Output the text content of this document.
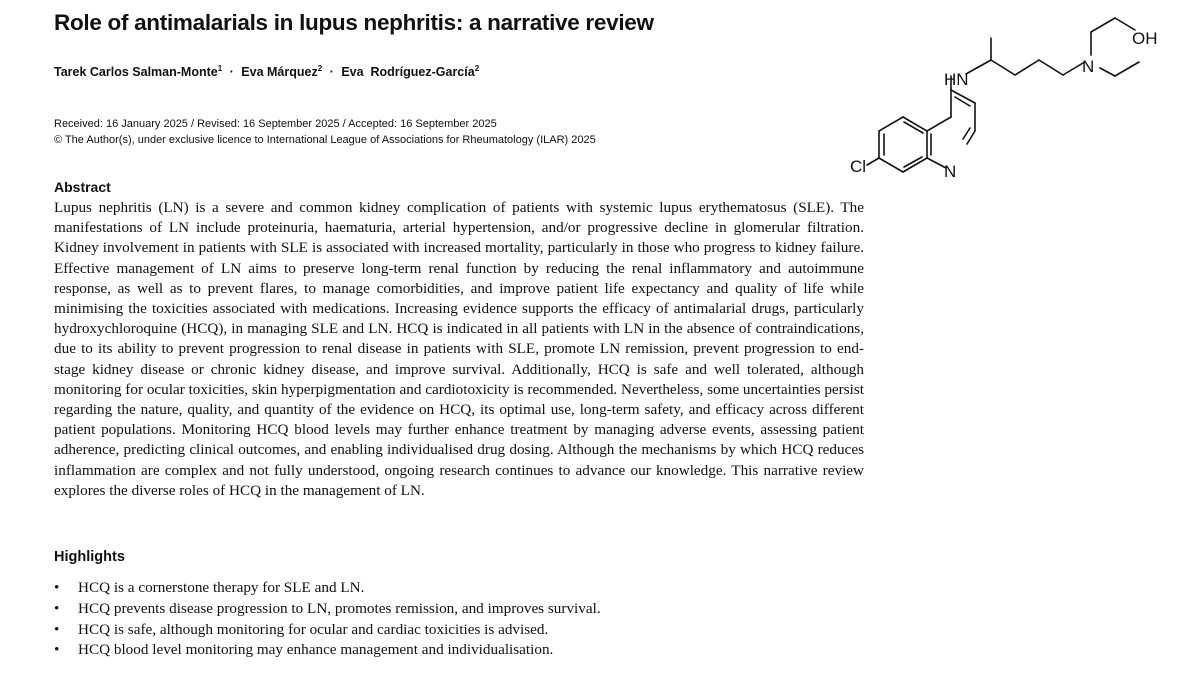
Role of antimalarials in lupus nephritis: a narrative review
Tarek Carlos Salman-Monte$^1$ · Eva Márquez$^2$ · Eva  Rodríguez-García$^2$
Received: 16 January 2025 / Revised: 16 September 2025 / Accepted: 16 September 2025
© The Author(s), under exclusive licence to International League of Associations for Rheumatology (ILAR) 2025
HN
N
OH
Cl	N
Abstract

Lupus nephritis (LN) is a severe and common kidney complication of patients with systemic lupus erythematosus (SLE). The manifestations of LN include proteinuria, haematuria, arterial hypertension, and/or progressive decline in glomerular filtration. Kidney involvement in patients with SLE is associated with increased mortality, particularly in those who progress to kidney failure. Effective management of LN aims to preserve long-term renal function by reducing the renal inflammatory and autoimmune response, as well as to prevent flares, to manage comorbidities, and improve patient life expectancy and quality of life while minimising the toxicities associated with medications. Increasing evidence supports the efficacy of antimalarial drugs, particularly hydroxychloroquine (HCQ), in managing SLE and LN. HCQ is indicated in all patients with LN in the absence of contraindications, due to its ability to prevent progression to renal disease in patients with SLE, promote LN remission, prevent progression to end-stage kidney disease or chronic kidney disease, and improve survival. Additionally, HCQ is safe and well tolerated, although monitoring for ocular toxicities, skin hyperpigmentation and cardiotoxicity is recommended. Nevertheless, some uncertainties persist regarding the nature, quality, and quantity of the evidence on HCQ, its optimal use, long-term safety, and efficacy across different patient populations. Monitoring HCQ blood levels may further enhance treatment by managing adverse events, assessing patient adherence, predicting clinical outcomes, and enabling individualised drug dosing. Although the mechanisms by which HCQ reduces inflammation are complex and not fully understood, ongoing research continues to advance our knowledge. This narrative review explores the diverse roles of HCQ in the management of LN.

Highlights
• HCQ is a cornerstone therapy for SLE and LN.
• HCQ prevents disease progression to LN, promotes remission, and improves survival.
• HCQ is safe, although monitoring for ocular and cardiac toxicities is advised.
• HCQ blood level monitoring may enhance management and individualisation.
